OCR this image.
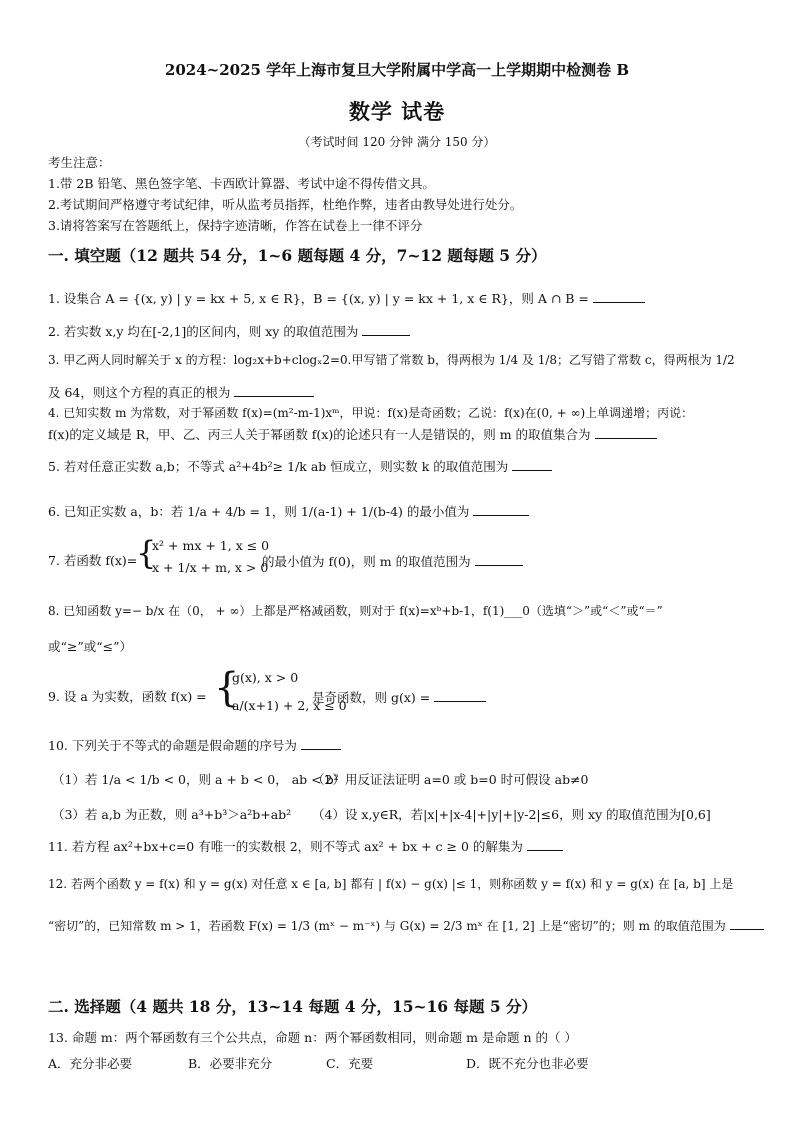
2024~2025 学年上海市复旦大学附属中学高一上学期期中检测卷 B
数学 试卷
（考试时间 120 分钟 满分 150 分）
考生注意：
1.带 2B 铅笔、黑色签字笔、卡西欧计算器、考试中途不得传借文具。
2.考试期间严格遵守考试纪律，听从监考员指挥，杜绝作弊，违者由教导处进行处分。
3.请将答案写在答题纸上，保持字迹清晰，作答在试卷上一律不评分
一. 填空题（12 题共 54 分，1~6 题每题 4 分，7~12 题每题 5 分）
1. 设集合 A = {(x, y) | y = kx + 5, x ∈ R}，B = {(x, y) | y = kx + 1, x ∈ R}，则 A ∩ B =
2. 若实数 x,y 均在[-2,1]的区间内，则 xy 的取值范围为
3. 甲乙两人同时解关于 x 的方程：log₂x+b+clogₓ2=0.甲写错了常数 b，得两根为 1/4 及 1/8；乙写错了常数 c，得两根为 1/2
及 64，则这个方程的真正的根为
4. 已知实数 m 为常数，对于幂函数 f(x)=(m²-m-1)xᵐ，甲说：f(x)是奇函数；乙说：f(x)在(0, + ∞)上单调递增；丙说：
f(x)的定义域是 R，甲、乙、丙三人关于幂函数 f(x)的论述只有一人是错误的，则 m 的取值集合为
5. 若对任意正实数 a,b；不等式 a²+4b²≥ 1/k ab 恒成立，则实数 k 的取值范围为
6. 已知正实数 a，b：若 1/a + 4/b = 1，则 1/(a-1) + 1/(b-4) 的最小值为
7. 若函数 f(x)=
{
x² + mx + 1, x ≤ 0
x + 1/x + m, x > 0
的最小值为 f(0)，则 m 的取值范围为
8. 已知函数 y=− b/x 在（0， + ∞）上都是严格减函数，则对于 f(x)=xᵇ+b-1，f(1)___0（选填“＞”或“＜”或“＝”
或“≥”或“≤”）
9. 设 a 为实数，函数 f(x) = {
g(x), x > 0
a/(x+1) + 2, x ≤ 0
是奇函数，则 g(x) =
10. 下列关于不等式的命题是假命题的序号为
（1）若 1/a < 1/b < 0，则 a + b < 0， ab < b²
（2）用反证法证明 a=0 或 b=0 时可假设 ab≠0
（3）若 a,b 为正数，则 a³+b³＞a²b+ab² （4）设 x,y∈R，若|x|+|x-4|+|y|+|y-2|≤6，则 xy 的取值范围为[0,6]
11. 若方程 ax²+bx+c=0 有唯一的实数根 2，则不等式 ax² + bx + c ≥ 0 的解集为
12. 若两个函数 y = f(x) 和 y = g(x) 对任意 x ∈ [a, b] 都有 | f(x) − g(x) |≤ 1，则称函数 y = f(x) 和 y = g(x) 在 [a, b] 上是
“密切”的，已知常数 m > 1，若函数 F(x) = 1/3 (mˣ − m⁻ˣ) 与 G(x) = 2/3 mˣ 在 [1, 2] 上是“密切”的；则 m 的取值范围为
二. 选择题（4 题共 18 分，13~14 每题 4 分，15~16 每题 5 分）
13. 命题 m：两个幂函数有三个公共点，命题 n：两个幂函数相同，则命题 m 是命题 n 的（ ）
A．充分非必要	B．必要非充分	C．充要	D．既不充分也非必要
